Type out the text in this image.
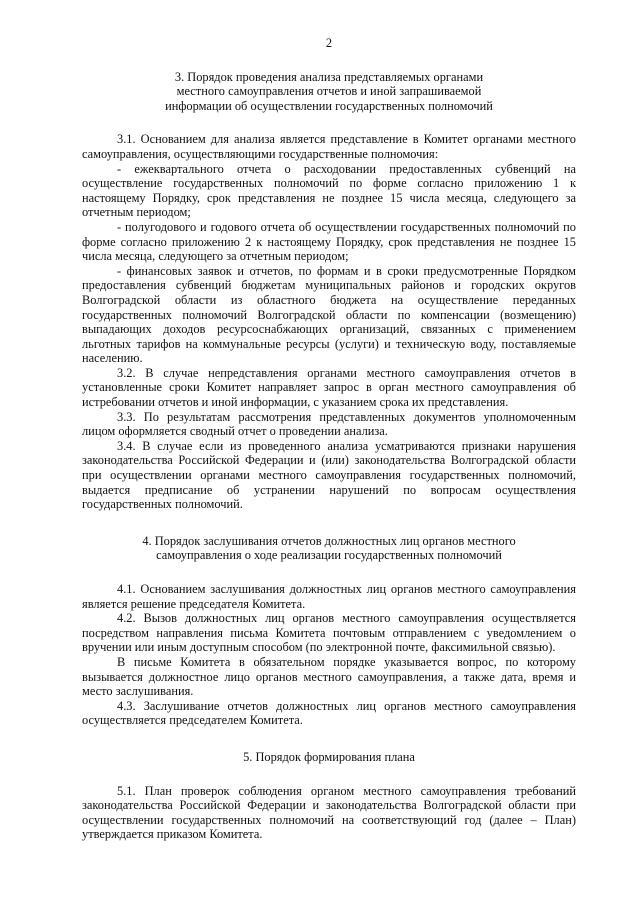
2
3. Порядок проведения анализа представляемых органами
местного самоуправления отчетов и иной запрашиваемой
информации об осуществлении государственных полномочий
3.1. Основанием для анализа является представление в Комитет органами местного самоуправления, осуществляющими государственные полномочия:
- ежеквартального отчета о расходовании предоставленных субвенций на осуществление государственных полномочий по форме согласно приложению 1 к настоящему Порядку, срок представления не позднее 15 числа месяца, следующего за отчетным периодом;
- полугодового и годового отчета об осуществлении государственных полномочий по форме согласно приложению 2 к настоящему Порядку, срок представления не позднее 15 числа месяца, следующего за отчетным периодом;
- финансовых заявок и отчетов, по формам и в сроки предусмотренные Порядком предоставления субвенций бюджетам муниципальных районов и городских округов Волгоградской области из областного бюджета на осуществление переданных государственных полномочий Волгоградской области по компенсации (возмещению) выпадающих доходов ресурсоснабжающих организаций, связанных с применением льготных тарифов на коммунальные ресурсы (услуги) и техническую воду, поставляемые населению.
3.2. В случае непредставления органами местного самоуправления отчетов в установленные сроки Комитет направляет запрос в орган местного самоуправления об истребовании отчетов и иной информации, с указанием срока их представления.
3.3. По результатам рассмотрения представленных документов уполномоченным лицом оформляется сводный отчет о проведении анализа.
3.4. В случае если из проведенного анализа усматриваются признаки нарушения законодательства Российской Федерации и (или) законодательства Волгоградской области при осуществлении органами местного самоуправления государственных полномочий, выдается предписание об устранении нарушений по вопросам осуществления государственных полномочий.
4. Порядок заслушивания отчетов должностных лиц органов местного
самоуправления о ходе реализации государственных полномочий
4.1. Основанием заслушивания должностных лиц органов местного самоуправления является решение председателя Комитета.
4.2. Вызов должностных лиц органов местного самоуправления осуществляется посредством направления письма Комитета почтовым отправлением с уведомлением о вручении или иным доступным способом (по электронной почте, факсимильной связью).
В письме Комитета в обязательном порядке указывается вопрос, по которому вызывается должностное лицо органов местного самоуправления, а также дата, время и место заслушивания.
4.3. Заслушивание отчетов должностных лиц органов местного самоуправления осуществляется председателем Комитета.
5. Порядок формирования плана
5.1. План проверок соблюдения органом местного самоуправления требований законодательства Российской Федерации и законодательства Волгоградской области при осуществлении государственных полномочий на соответствующий год (далее – План) утверждается приказом Комитета.
